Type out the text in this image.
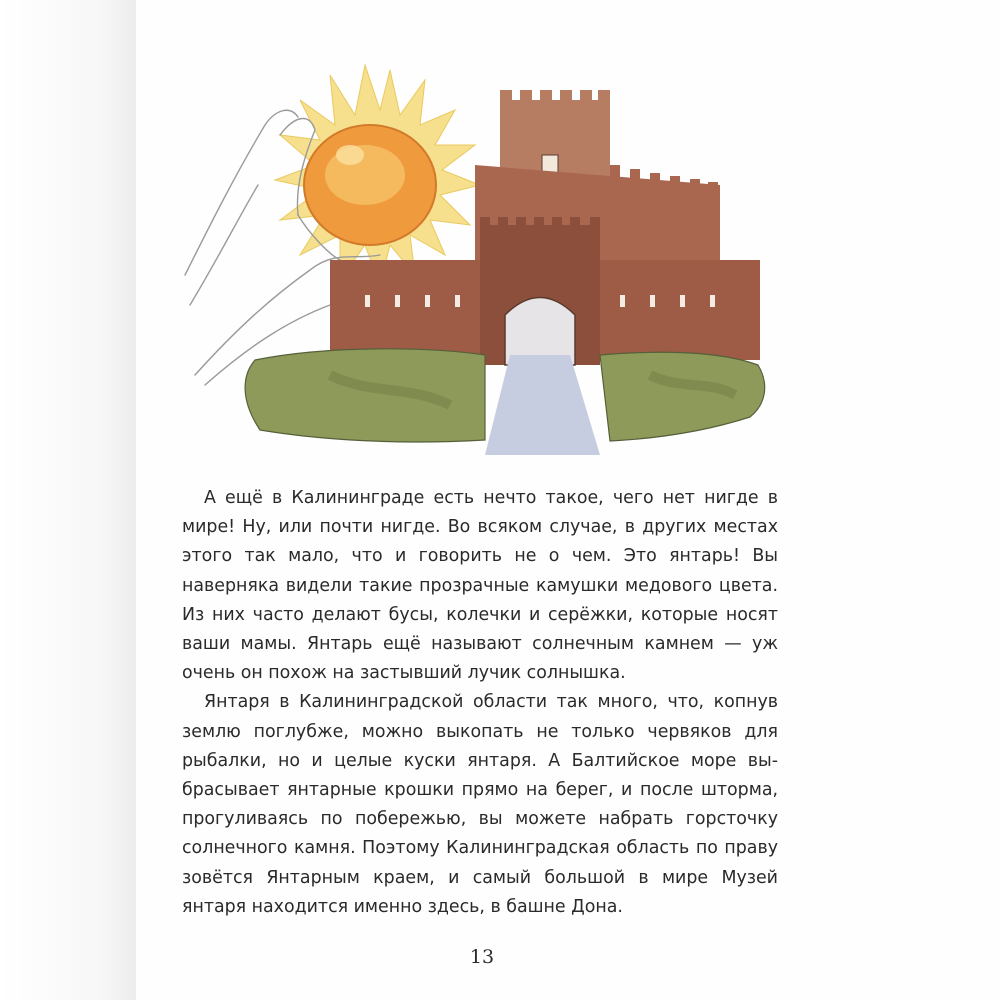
А ещё в Калининграде есть нечто такое, чего нет нигде в мире! Ну, или почти нигде. Во всяком случае, в других местах этого так мало, что и говорить не о чем. Это янтарь! Вы наверняка видели такие прозрачные камушки медового цвета. Из них часто делают бусы, колечки и серёжки, которые носят ваши мамы. Янтарь ещё называют солнечным камнем — уж очень он похож на застывший лучик солнышка.

Янтаря в Калининградской области так много, что, копнув землю поглубже, можно выкопать не только червяков для рыбалки, но и целые куски янтаря. А Балтийское море выбрасывает янтарные крошки прямо на берег, и после шторма, прогуливаясь по побережью, вы можете набрать горсточку солнечного камня. Поэтому Калининградская область по праву зовётся Янтарным краем, и самый большой в мире Музей янтаря находится именно здесь, в башне Дона.

13
